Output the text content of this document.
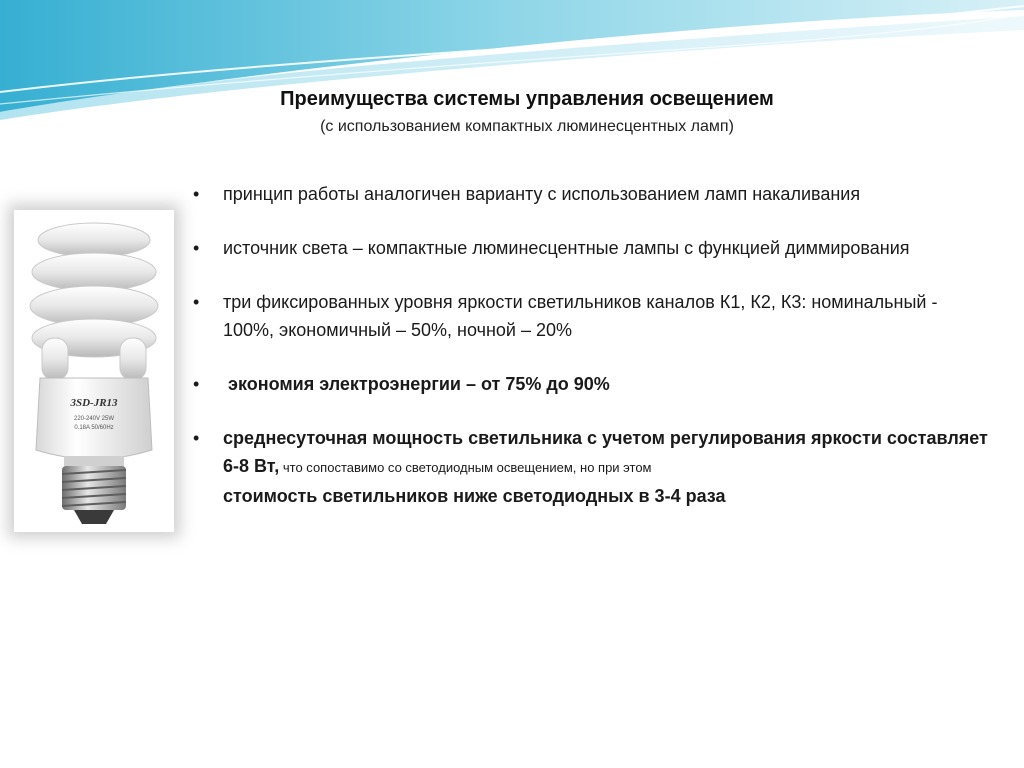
Преимущества системы управления освещением
(с использованием компактных люминесцентных ламп)
3SD-JR13
220-240V 25W
0.18A 50/60Hz
• принцип работы аналогичен варианту с использованием ламп накаливания
• источник света – компактные люминесцентные лампы с функцией диммирования
• три фиксированных уровня яркости светильников каналов К1, К2, К3: номинальный - 100%, экономичный – 50%, ночной – 20%
• экономия электроэнергии – от 75% до 90%
• среднесуточная мощность светильника с учетом регулирования яркости составляет 6-8 Вт, что сопоставимо со светодиодным освещением, но при этом
стоимость светильников ниже светодиодных в 3-4 раза
